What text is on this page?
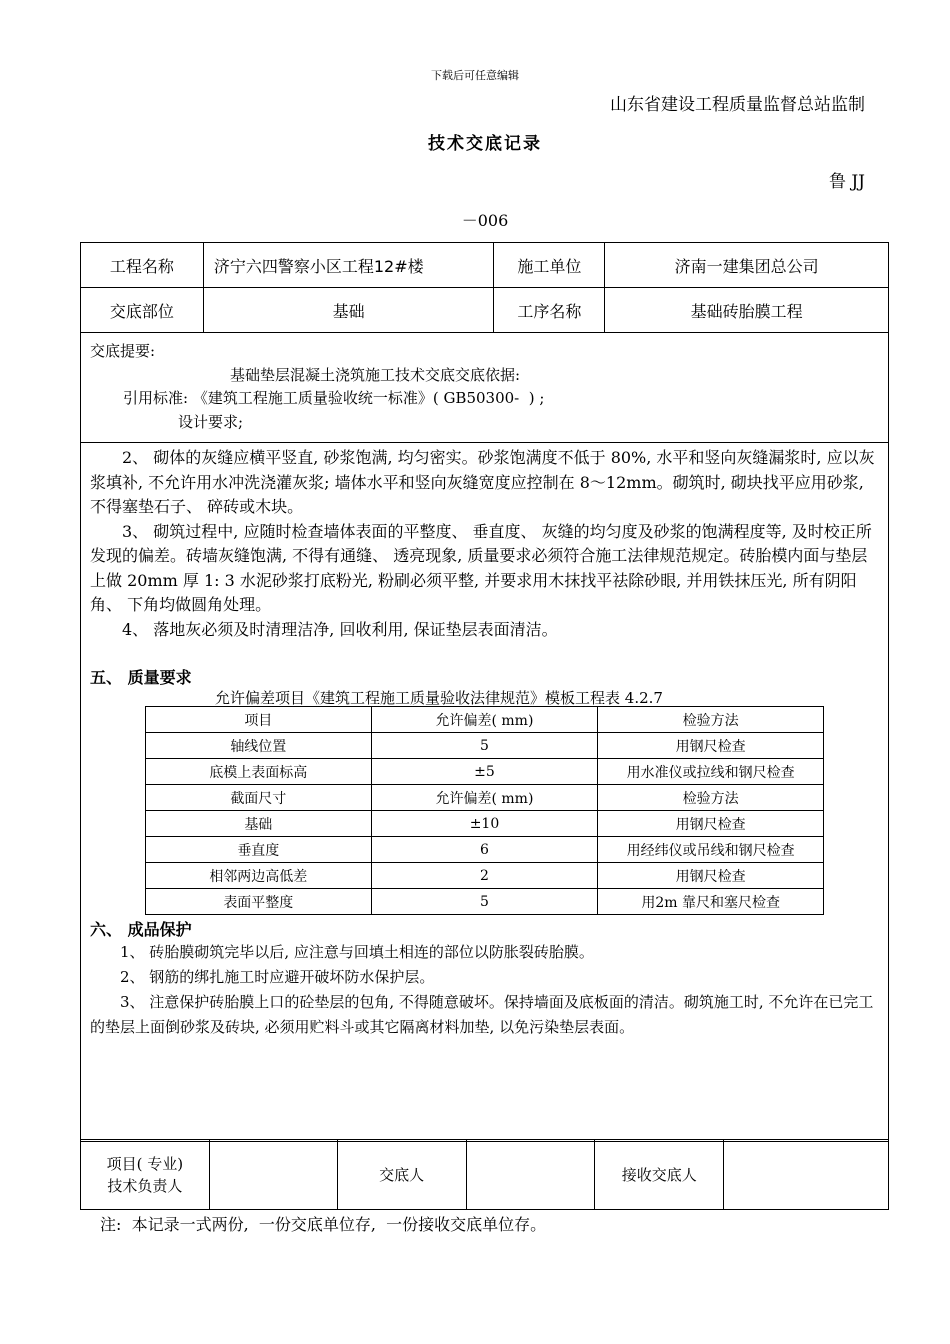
下载后可任意编辑
山东省建设工程质量监督总站监制
技术交底记录
鲁 JJ
－006
工程名称	济宁六四警察小区工程12#楼	施工单位	济南一建集团总公司
交底部位	基础	工序名称	基础砖胎膜工程
交底提要:
基础垫层混凝土浇筑施工技术交底交底依据:
引用标准: 《建筑工程施工质量验收统一标准》( GB50300-  ) ;
设计要求;

2、 砌体的灰缝应横平竖直, 砂浆饱满, 均匀密实。砂浆饱满度不低于 80%, 水平和竖向灰缝漏浆时, 应以灰浆填补, 不允许用水冲洗浇灌灰浆; 墙体水平和竖向灰缝宽度应控制在 8～12mm。砌筑时, 砌块找平应用砂浆, 不得塞垫石子、 碎砖或木块。

3、 砌筑过程中, 应随时检查墙体表面的平整度、 垂直度、 灰缝的均匀度及砂浆的饱满程度等, 及时校正所发现的偏差。砖墙灰缝饱满, 不得有通缝、 透亮现象, 质量要求必须符合施工法律规范规定。砖胎模内面与垫层上做 20mm 厚 1: 3 水泥砂浆打底粉光, 粉刷必须平整, 并要求用木抹找平祛除砂眼, 并用铁抹压光, 所有阴阳角、 下角均做圆角处理。

4、 落地灰必须及时清理洁净, 回收利用, 保证垫层表面清洁。

五、 质量要求
允许偏差项目《建筑工程施工质量验收法律规范》模板工程表 4.2.7
项目	允许偏差( mm)	检验方法
轴线位置	5	用钢尺检查
底模上表面标高	±5	用水准仪或拉线和钢尺检查
截面尺寸	允许偏差( mm)	检验方法
基础	±10	用钢尺检查
垂直度	6	用经纬仪或吊线和钢尺检查
相邻两边高低差	2	用钢尺检查
表面平整度	5	用2m 靠尺和塞尺检查
六、 成品保护
1、 砖胎膜砌筑完毕以后, 应注意与回填土相连的部位以防胀裂砖胎膜。
2、 钢筋的绑扎施工时应避开破坏防水保护层。
3、 注意保护砖胎膜上口的砼垫层的包角, 不得随意破坏。保持墙面及底板面的清洁。砌筑施工时, 不允许在已完工的垫层上面倒砂浆及砖块, 必须用贮料斗或其它隔离材料加垫, 以免污染垫层表面。
项目( 专业)
技术负责人
		交底人		接收交底人	
注:  本记录一式两份,  一份交底单位存,  一份接收交底单位存。
